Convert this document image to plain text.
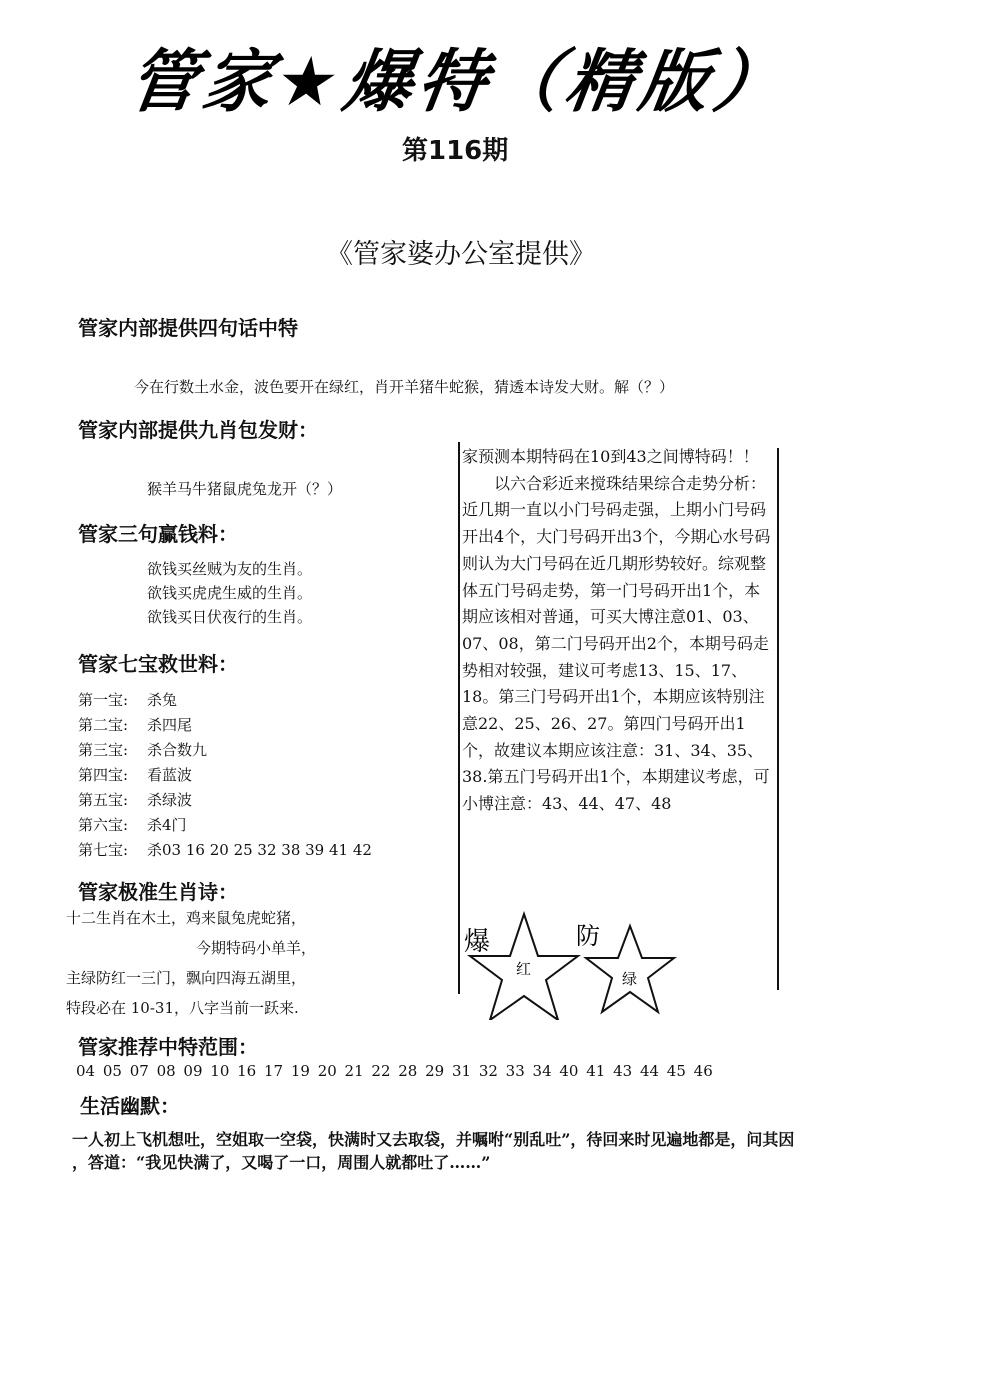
管家★爆特（精版）
第116期
《管家婆办公室提供》
管家内部提供四句话中特
今在行数土水金，波色要开在绿红，肖开羊猪牛蛇猴，猜透本诗发大财。解（？）
管家内部提供九肖包发财：
猴羊马牛猪鼠虎兔龙开（？）
管家三句赢钱料：
欲钱买丝贼为友的生肖。
欲钱买虎虎生威的生肖。
欲钱买日伏夜行的生肖。
管家七宝救世料：
第一宝: 杀兔
第二宝: 杀四尾
第三宝: 杀合数九
第四宝: 看蓝波
第五宝: 杀绿波
第六宝: 杀4门
第七宝: 杀03 16 20 25 32 38 39 41 42
管家极准生肖诗：
十二生肖在木土，鸡来鼠兔虎蛇猪，
今期特码小单羊，
主绿防红一三门，飘向四海五湖里，
特段必在 10-31，八字当前一跃来.

家预测本期特码在10到43之间博特码！！

以六合彩近来搅珠结果综合走势分析：近几期一直以小门号码走强，上期小门号码开出4个，大门号码开出3个，今期心水号码则认为大门号码在近几期形势较好。综观整体五门号码走势，第一门号码开出1个，本期应该相对普通，可买大博注意01、03、07、08，第二门号码开出2个，本期号码走势相对较强，建议可考虑13、15、17、18。第三门号码开出1个，本期应该特别注意22、25、26、27。第四门号码开出1个，故建议本期应该注意：31、34、35、38.第五门号码开出1个，本期建议考虑，可小博注意：43、44、47、48

爆
红
防
绿
管家推荐中特范围：
04 05 07 08 09 10 16 17 19 20 21 22 28 29 31 32 33 34 40 41 43 44 45 46
生活幽默：
一人初上飞机想吐，空姐取一空袋，快满时又去取袋，并嘱咐“别乱吐”，待回来时见遍地都是，问其因
，答道：“我见快满了，又喝了一口，周围人就都吐了……”
